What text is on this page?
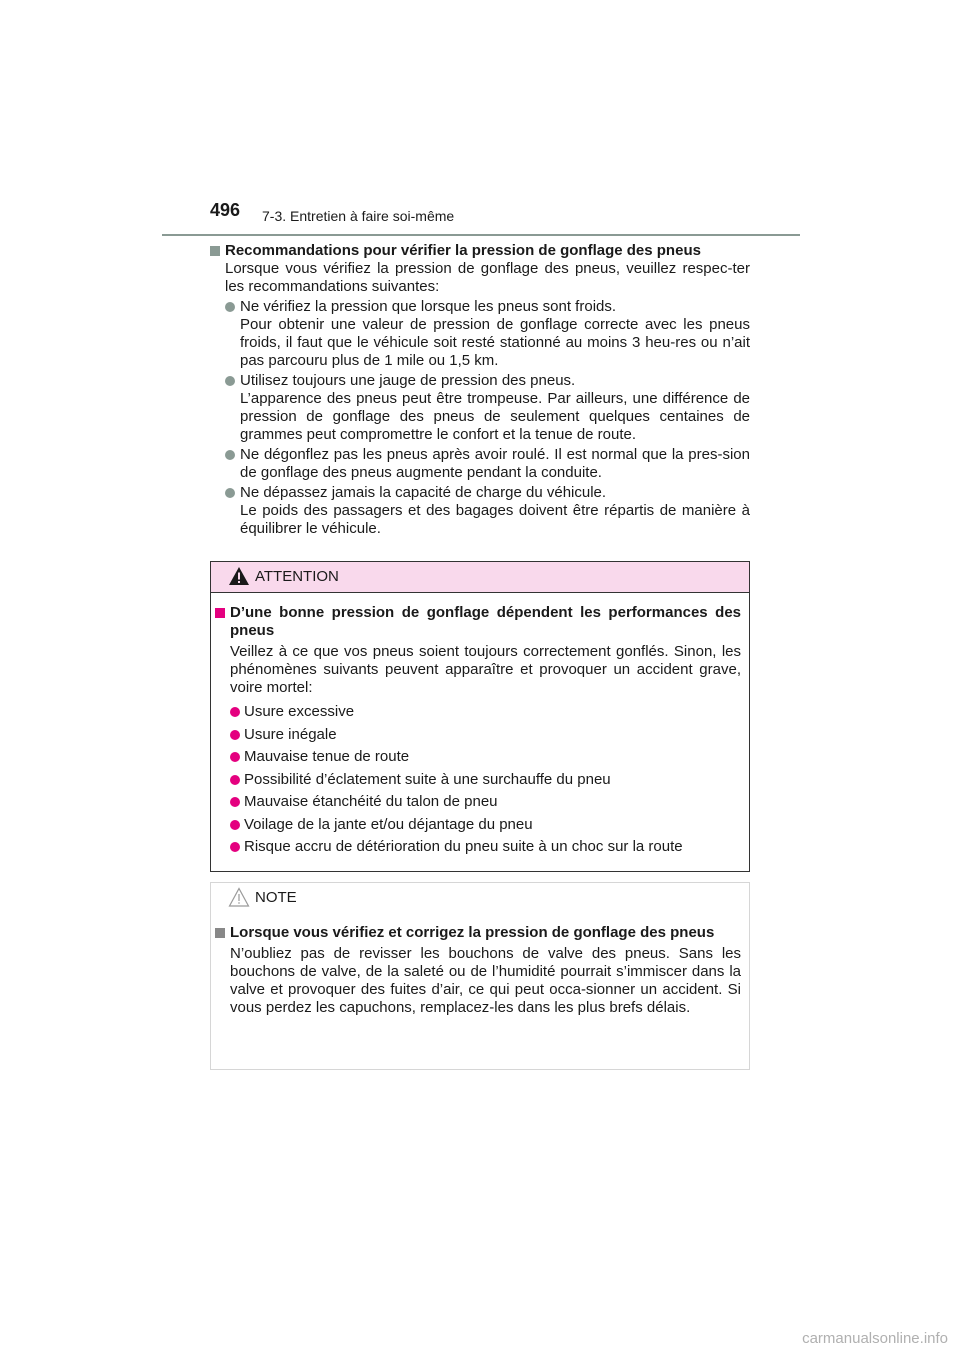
496 7-3. Entretien à faire soi-même
Recommandations pour vérifier la pression de gonflage des pneus
Lorsque vous vérifiez la pression de gonflage des pneus, veuillez respec-ter les recommandations suivantes:
Ne vérifiez la pression que lorsque les pneus sont froids.
Pour obtenir une valeur de pression de gonflage correcte avec les pneus froids, il faut que le véhicule soit resté stationné au moins 3 heu-res ou n’ait pas parcouru plus de 1 mile ou 1,5 km.
Utilisez toujours une jauge de pression des pneus.
L’apparence des pneus peut être trompeuse. Par ailleurs, une différence de pression de gonflage des pneus de seulement quelques centaines de grammes peut compromettre le confort et la tenue de route.
Ne dégonflez pas les pneus après avoir roulé. Il est normal que la pres-sion de gonflage des pneus augmente pendant la conduite.
Ne dépassez jamais la capacité de charge du véhicule.
Le poids des passagers et des bagages doivent être répartis de manière à équilibrer le véhicule.
ATTENTION
D’une bonne pression de gonflage dépendent les performances des pneus
Veillez à ce que vos pneus soient toujours correctement gonflés. Sinon, les phénomènes suivants peuvent apparaître et provoquer un accident grave, voire mortel:
Usure excessive
Usure inégale
Mauvaise tenue de route
Possibilité d’éclatement suite à une surchauffe du pneu
Mauvaise étanchéité du talon de pneu
Voilage de la jante et/ou déjantage du pneu
Risque accru de détérioration du pneu suite à un choc sur la route
NOTE
Lorsque vous vérifiez et corrigez la pression de gonflage des pneus
N’oubliez pas de revisser les bouchons de valve des pneus. Sans les bouchons de valve, de la saleté ou de l’humidité pourrait s’immiscer dans la valve et provoquer des fuites d’air, ce qui peut occa-sionner un accident. Si vous perdez les capuchons, remplacez-les dans les plus brefs délais.
carmanualsonline.info
